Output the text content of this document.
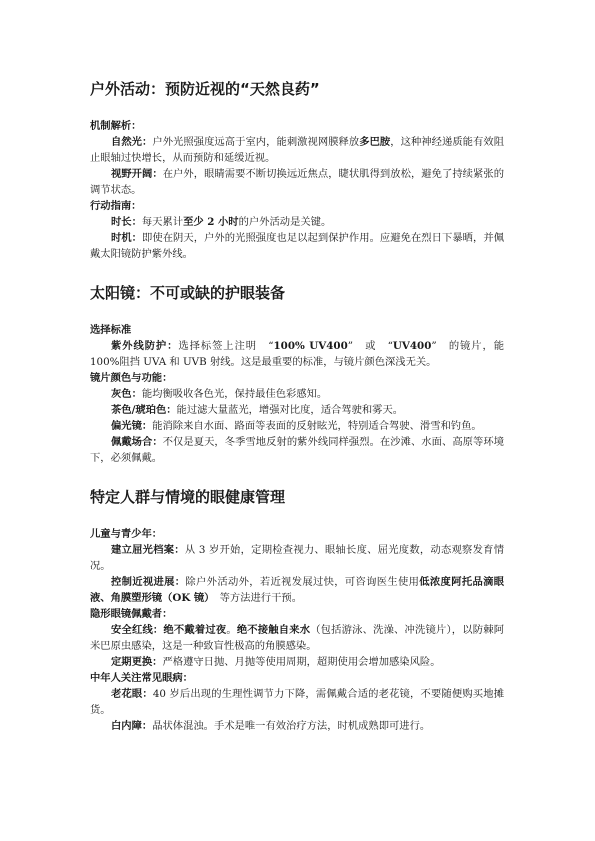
户外活动：预防近视的“天然良药”

机制解析：

自然光：户外光照强度远高于室内，能刺激视网膜释放多巴胺，这种神经递质能有效阻止眼轴过快增长，从而预防和延缓近视。

视野开阔：在户外，眼睛需要不断切换远近焦点，睫状肌得到放松，避免了持续紧张的调节状态。

行动指南：

时长：每天累计至少 2 小时的户外活动是关键。

时机：即使在阴天，户外的光照强度也足以起到保护作用。应避免在烈日下暴晒，并佩戴太阳镜防护紫外线。

太阳镜：不可或缺的护眼装备

选择标准

紫外线防护：选择标签上注明　“100% UV400”　或　“UV400”　的镜片，能 100%阻挡 UVA 和 UVB 射线。这是最重要的标准，与镜片颜色深浅无关。

镜片颜色与功能：

灰色：能均衡吸收各色光，保持最佳色彩感知。

茶色/琥珀色：能过滤大量蓝光，增强对比度，适合驾驶和雾天。

偏光镜：能消除来自水面、路面等表面的反射眩光，特别适合驾驶、滑雪和钓鱼。

佩戴场合：不仅是夏天，冬季雪地反射的紫外线同样强烈。在沙滩、水面、高原等环境下，必须佩戴。

特定人群与情境的眼健康管理

儿童与青少年：

建立屈光档案：从 3 岁开始，定期检查视力、眼轴长度、屈光度数，动态观察发育情况。

控制近视进展：除户外活动外，若近视发展过快，可咨询医生使用低浓度阿托品滴眼液、角膜塑形镜（OK 镜）　等方法进行干预。

隐形眼镜佩戴者：

安全红线：绝不戴着过夜。绝不接触自来水（包括游泳、洗澡、冲洗镜片），以防棘阿米巴原虫感染，这是一种致盲性极高的角膜感染。

定期更换：严格遵守日抛、月抛等使用周期，超期使用会增加感染风险。

中年人关注常见眼病：

老花眼：40 岁后出现的生理性调节力下降，需佩戴合适的老花镜，不要随便购买地摊货。

白内障：晶状体混浊。手术是唯一有效治疗方法，时机成熟即可进行。
